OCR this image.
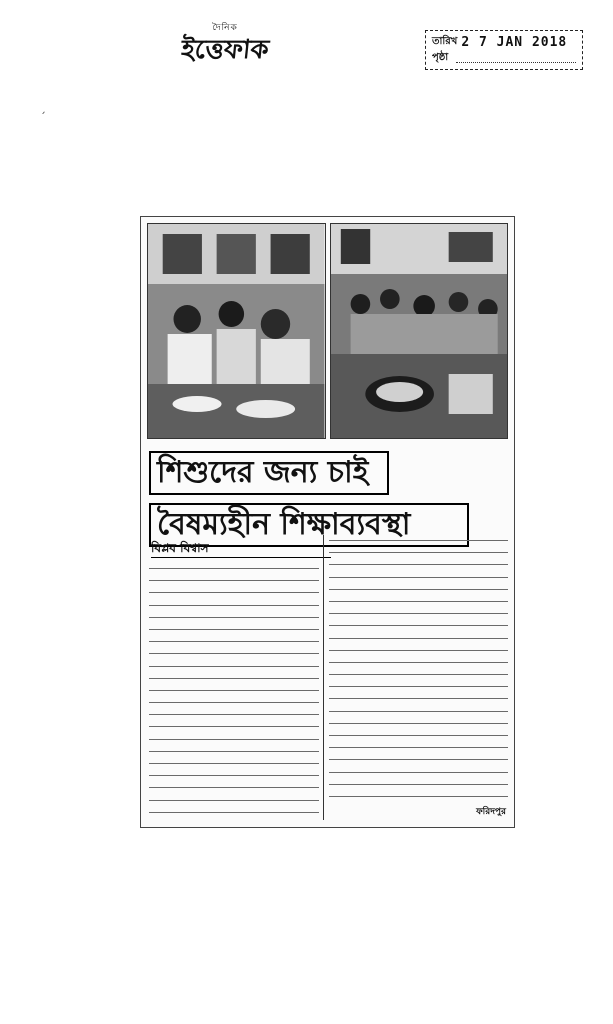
দৈনিক
ইত্তেফাক	তারিখ 2 7 JAN 2018
পৃষ্ঠা
ˏ
শিশুদের জন্য চাই
বৈষম্যহীন শিক্ষাব্যবস্থা
বিপ্লব বিশ্বাস
ফরিদপুর
